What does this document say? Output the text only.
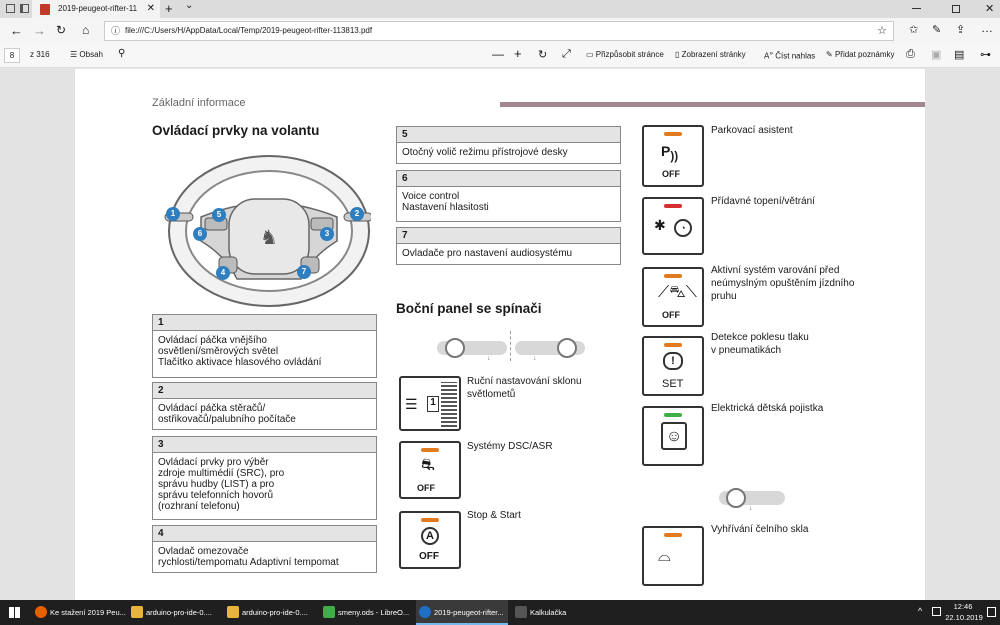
2019-peugeot-rifter-11 ✕ + ⌄	✕
← → ↻ ⌂ ⓘ file:///C:/Users/H/AppData/Local/Temp/2019-peugeot-rifter-113813.pdf	☆ ✩ ✎ ⇪ …
8	z 316	☰ Obsah ⚲	— + ↻ ⤢ ▭ Přizpůsobit stránce ▯ Zobrazení stránky A» Číst nahlas ✎ Přidat poznámky ⎙ ▣ ▤ ⊶
Základní informace
Ovládací prvky na volantu
♞
1	2
3
4
5
6
7
1
Ovládací páčka vnějšího
osvětlení/směrových světel
Tlačítko aktivace hlasového ovládání
2
Ovládací páčka stěračů/
ostřikovačů/palubního počítače
3
Ovládací prvky pro výběr
zdroje multimédií (SRC), pro
správu hudby (LIST) a pro
správu telefonních hovorů
(rozhraní telefonu)
4
Ovladač omezovače
rychlosti/tempomatu Adaptivní tempomat
5
Otočný volič režimu přístrojové desky
6
Voice control
Nastavení hlasitosti
7
Ovladače pro nastavení audiosystému
Boční panel se spínači
↓	↓
☰	1
Ruční nastavování sklonu
světlometů
⛐
OFF
Systémy DSC/ASR
A
OFF
Stop & Start
$P_{))}$
OFF
Parkovací asistent
✱	◔
Přídavné topení/větrání
⟋⛍⟍
OFF
Aktivní systém varování před
neúmyslným opuštěním jízdního
pruhu
!
SET
Detekce poklesu tlaku
v pneumatikách
☺
Elektrická dětská pojistka
↓
⌓
Vyhřívání čelního skla
Ke stažení 2019 Peu...	arduino-pro-ide-0....	arduino-pro-ide-0....	smeny.ods - LibreO...	2019-peugeot-rifter...	Kalkulačka	^	12:46
22.10.2019
